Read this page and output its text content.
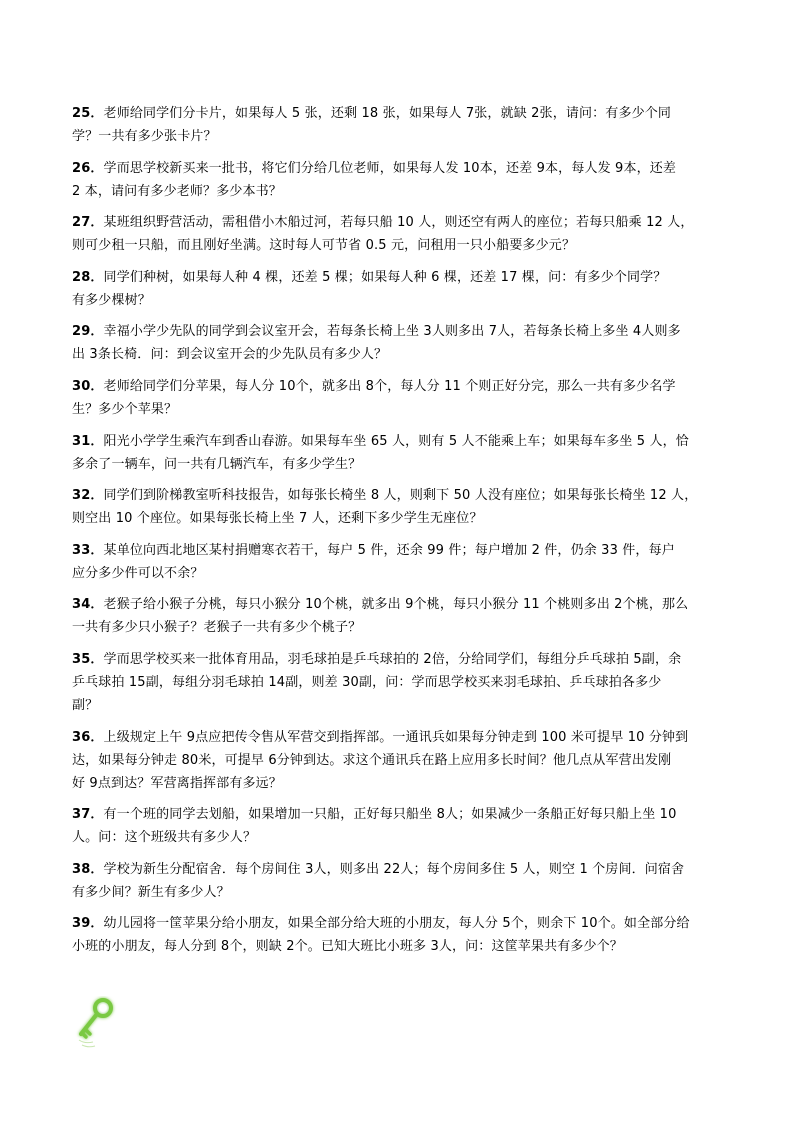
25．老师给同学们分卡片，如果每人 5 张，还剩 18 张，如果每人 7张，就缺 2张，请问：有多少个同
学？一共有多少张卡片？
26．学而思学校新买来一批书，将它们分给几位老师，如果每人发 10本，还差 9本，每人发 9本，还差
2 本，请问有多少老师？多少本书？
27．某班组织野营活动，需租借小木船过河，若每只船 10 人，则还空有两人的座位；若每只船乘 12 人，
则可少租一只船，而且刚好坐满。这时每人可节省 0.5 元，问租用一只小船要多少元？
28．同学们种树，如果每人种 4 棵，还差 5 棵；如果每人种 6 棵，还差 17 棵，问：有多少个同学？
有多少棵树？
29．幸福小学少先队的同学到会议室开会，若每条长椅上坐 3人则多出 7人，若每条长椅上多坐 4人则多
出 3条长椅．问：到会议室开会的少先队员有多少人？
30．老师给同学们分苹果，每人分 10个，就多出 8个，每人分 11 个则正好分完，那么一共有多少名学
生？多少个苹果？
31．阳光小学学生乘汽车到香山春游。如果每车坐 65 人，则有 5 人不能乘上车；如果每车多坐 5 人，恰
多余了一辆车，问一共有几辆汽车，有多少学生？
32．同学们到阶梯教室听科技报告，如每张长椅坐 8 人，则剩下 50 人没有座位；如果每张长椅坐 12 人，
则空出 10 个座位。如果每张长椅上坐 7 人，还剩下多少学生无座位？
33．某单位向西北地区某村捐赠寒衣若干，每户 5 件，还余 99 件；每户增加 2 件，仍余 33 件，每户
应分多少件可以不余？
34．老猴子给小猴子分桃，每只小猴分 10个桃，就多出 9个桃，每只小猴分 11 个桃则多出 2个桃，那么
一共有多少只小猴子？老猴子一共有多少个桃子？
35．学而思学校买来一批体育用品，羽毛球拍是乒乓球拍的 2倍，分给同学们，每组分乒乓球拍 5副，余
乒乓球拍 15副，每组分羽毛球拍 14副，则差 30副，问：学而思学校买来羽毛球拍、乒乓球拍各多少
副？
36．上级规定上午 9点应把传令售从军营交到指挥部。一通讯兵如果每分钟走到 100 米可提早 10 分钟到
达，如果每分钟走 80米，可提早 6分钟到达。求这个通讯兵在路上应用多长时间？他几点从军营出发刚
好 9点到达？军营离指挥部有多远？
37．有一个班的同学去划船，如果增加一只船，正好每只船坐 8人；如果减少一条船正好每只船上坐 10
人。问：这个班级共有多少人？
38．学校为新生分配宿舍．每个房间住 3人，则多出 22人；每个房间多住 5 人，则空 1 个房间．问宿舍
有多少间？新生有多少人？
39．幼儿园将一筐苹果分给小朋友，如果全部分给大班的小朋友，每人分 5个，则余下 10个。如全部分给
小班的小朋友，每人分到 8个，则缺 2个。已知大班比小班多 3人，问：这筐苹果共有多少个？
